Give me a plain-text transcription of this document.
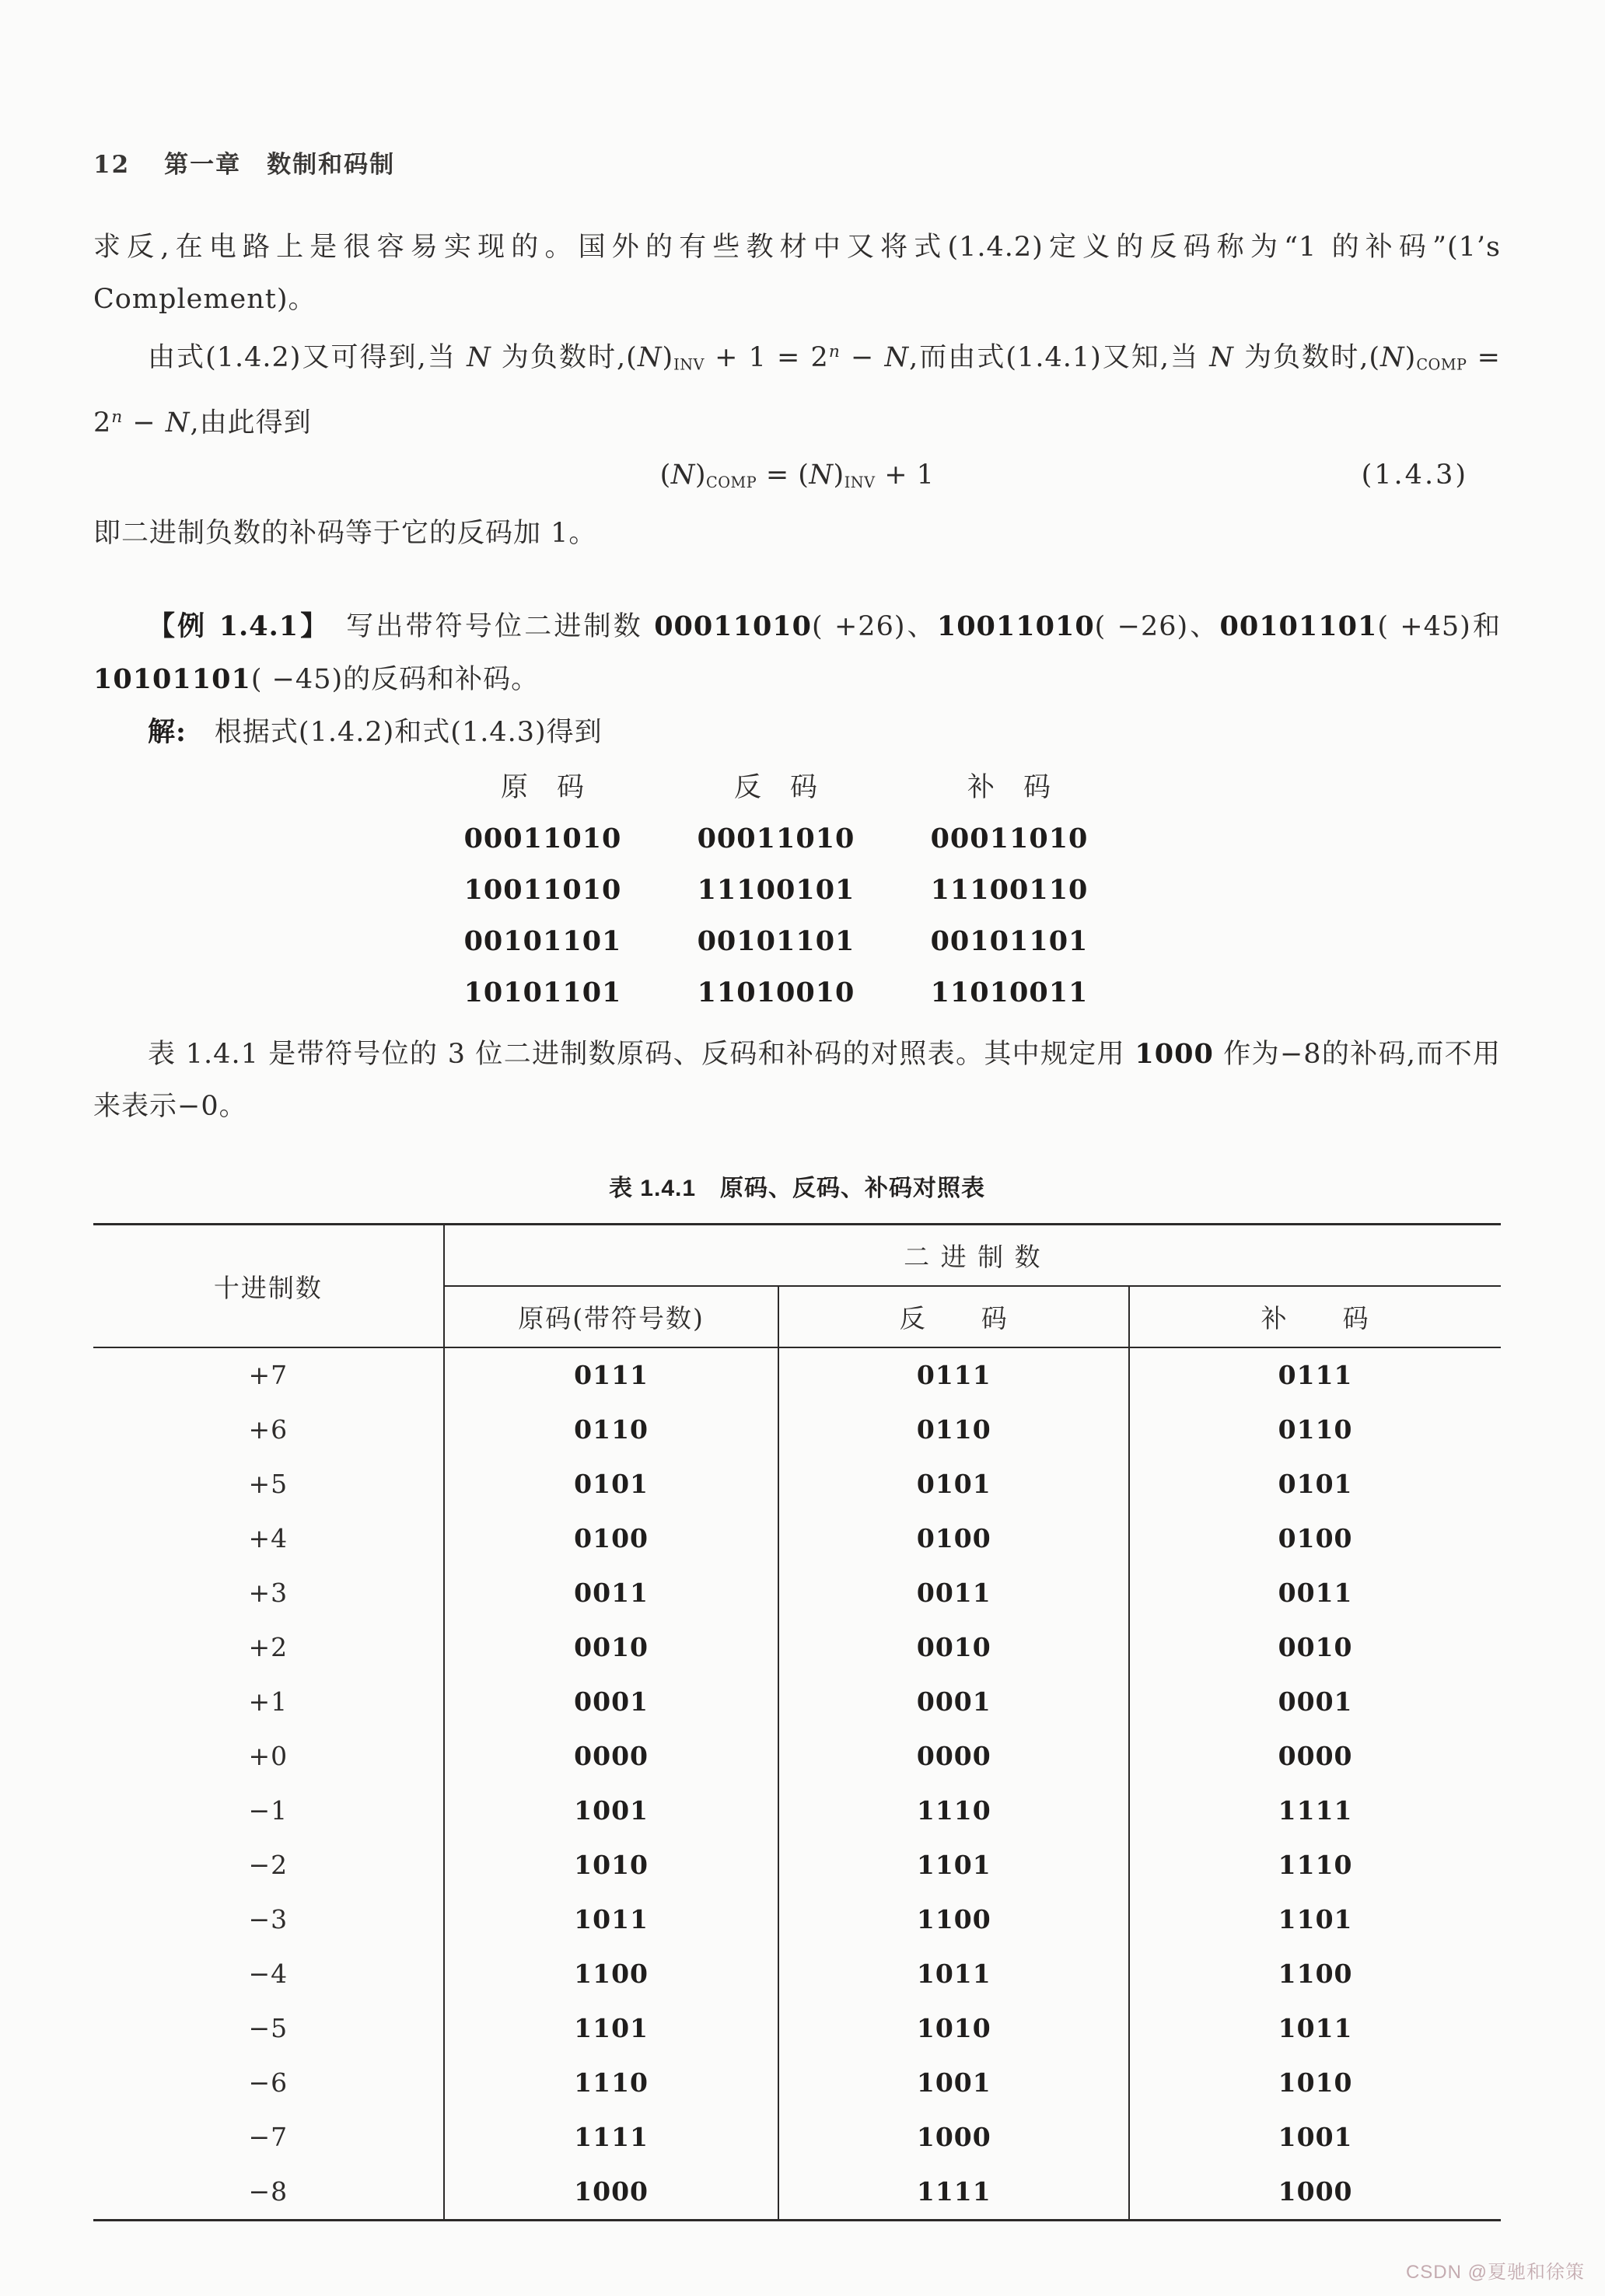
12 第一章　数制和码制

求反,在电路上是很容易实现的。国外的有些教材中又将式(1.4.2)定义的反码称为“1 的补码”(1’s Complement)。

由式(1.4.2)又可得到,当 N 为负数时$,(N)_{INV} + 1 = 2^n - N$,而由式(1.4.1)又知,当 N 为负数时$,(N)_{COMP} = 2^n - N$,由此得到

$(N)_{COMP} = (N)_{INV} + 1$	(1.4.3)

即二进制负数的补码等于它的反码加 1。

【例 1.4.1】　写出带符号位二进制数 00011010( +26)、10011010( −26)、00101101( +45)和 10101101( −45)的反码和补码。

解:　根据式(1.4.2)和式(1.4.3)得到

原　码	反　码	补　码
00011010	00011010	00011010
10011010	11100101	11100110
00101101	00101101	00101101
10101101	11010010	11010011

表 1.4.1 是带符号位的 3 位二进制数原码、反码和补码的对照表。其中规定用 1000 作为−8的补码,而不用来表示−0。

表 1.4.1　原码、反码、补码对照表
十进制数	二 进 制 数		
	原码(带符号数)	反　　码	补　　码
+7	0111	0111	0111
+6	0110	0110	0110
+5	0101	0101	0101
+4	0100	0100	0100
+3	0011	0011	0011
+2	0010	0010	0010
+1	0001	0001	0001
+0	0000	0000	0000
−1	1001	1110	1111
−2	1010	1101	1110
−3	1011	1100	1101
−4	1100	1011	1100
−5	1101	1010	1011
−6	1110	1001	1010
−7	1111	1000	1001
−8	1000	1111	1000
CSDN @夏驰和徐策
